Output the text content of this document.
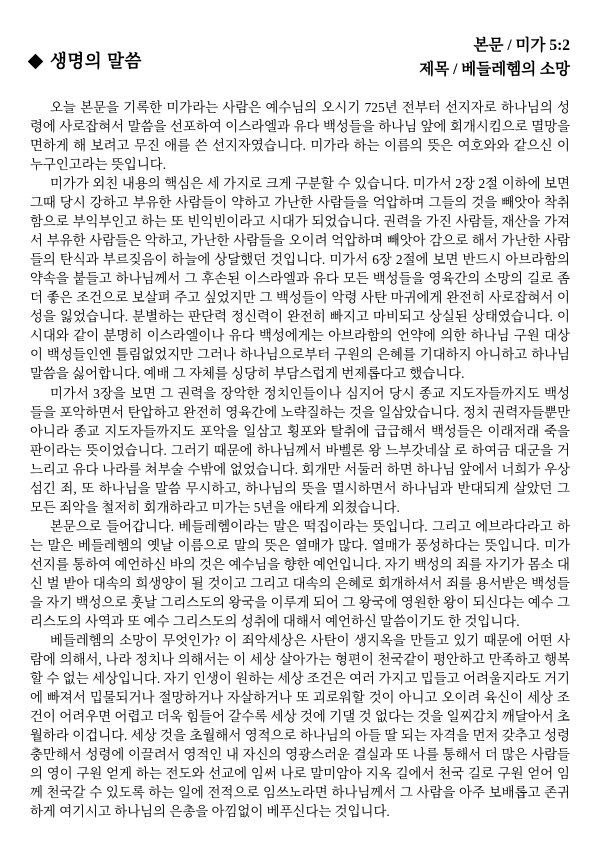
생명의 말씀
본문 / 미가 5:2
제목 / 베들레헴의 소망

오늘 본문을 기록한 미가라는 사람은 예수님의 오시기 725년 전부터 선지자로 하나님의 성령에 사로잡혀서 말씀을 선포하여 이스라엘과 유다 백성들을 하나님 앞에 회개시킴으로 멸망을 면하게 해 보려고 무진 애를 쓴 선지자였습니다. 미가라 하는 이름의 뜻은 여호와와 같으신 이 누구인고라는 뜻입니다.

미가가 외친 내용의 핵심은 세 가지로 크게 구분할 수 있습니다. 미가서 2장 2절 이하에 보면 그때 당시 강하고 부유한 사람들이 약하고 가난한 사람들을 억압하며 그들의 것을 빼앗아 착취함으로 부익부인고 하는 또 빈익빈이라고 시대가 되었습니다. 권력을 가진 사람들, 재산을 가져서 부유한 사람들은 악하고, 가난한 사람들을 오이려 억압하며 빼앗아 감으로 해서 가난한 사람들의 탄식과 부르짖음이 하늘에 상달했던 것입니다. 미가서 6장 2절에 보면 반드시 아브라함의 약속을 붙들고 하나님께서 그 후손된 이스라엘과 유다 모든 백성들을 영육간의 소망의 길로 좀 더 좋은 조건으로 보살펴 주고 싶었지만 그 백성들이 악령 사탄 마귀에게 완전히 사로잡혀서 이성을 잃었습니다. 분별하는 판단력 정신력이 완전히 빠지고 마비되고 상실된 상태였습니다. 이 시대와 같이 분명히 이스라엘이나 유다 백성에게는 아브라함의 언약에 의한 하나님 구원 대상이 백성들인엔 틀림없었지만 그러나 하나님으로부터 구원의 은혜를 기대하지 아니하고 하나님 말씀을 싫어합니다. 예배 그 자체를 싱당히 부담스럽게 번제롭다고 했습니다.

미가서 3장을 보면 그 권력을 장악한 정치인들이나 심지어 당시 종교 지도자들까지도 백성들을 포악하면서 탄압하고 완전히 영육간에 노략질하는 것을 일삼았습니다. 정치 권력자들뿐만 아니라 종교 지도자들까지도 포악을 일삼고 횡포와 탈취에 급급해서 백성들은 이래저래 죽을 판이라는 뜻이었습니다. 그러기 때문에 하나님께서 바벨론 왕 느부갓네살 로 하여금 대군을 거느리고 유다 나라를 쳐부술 수밖에 없었습니다. 회개만 서둘러 하면 하나님 앞에서 너희가 우상 섬긴 죄, 또 하나님을 말씀 무시하고, 하나님의 뜻을 멸시하면서 하나님과 반대되게 살았던 그 모든 죄악을 철저히 회개하라고 미가는 5년을 애타게 외쳤습니다.

본문으로 들어갑니다. 베들레헴이라는 말은 떡집이라는 뜻입니다. 그리고 에브라다라고 하는 말은 베들레헴의 옛날 이름으로 말의 뜻은 열매가 많다. 열매가 풍성하다는 뜻입니다. 미가 선지를 통하여 예언하신 바의 것은 예수님을 향한 예언입니다. 자기 백성의 죄를 자기가 몸소 대신 벌 받아 대속의 희생양이 될 것이고 그리고 대속의 은혜로 회개하셔서 죄를 용서받은 백성들을 자기 백성으로 훗날 그리스도의 왕국을 이루게 되어 그 왕국에 영원한 왕이 되신다는 예수 그리스도의 사역과 또 예수 그리스도의 성취에 대해서 예언하신 말씀이기도 한 것입니다.

베들레헴의 소망이 무엇인가? 이 죄악세상은 사탄이 생지옥을 만들고 있기 때문에 어떤 사람에 의해서, 나라 정치나 의해서는 이 세상 살아가는 형편이 천국같이 평안하고 만족하고 행복할 수 없는 세상입니다. 자기 인생이 원하는 세상 조건은 여러 가지고 밉들고 어려울지라도 거기에 빠져서 밉물되거나 절망하거나 자살하거나 또 괴로워할 것이 아니고 오이려 육신이 세상 조건이 어려우면 어렵고 더욱 힘들어 갈수록 세상 것에 기댈 것 없다는 것을 일찌감치 깨달아서 초월하라 이겁니다. 세상 것을 초월해서 영적으로 하나님의 아들 딸 되는 자격을 먼저 갖추고 성령 충만해서 성령에 이끌려서 영적인 내 자신의 영광스러운 결실과 또 나를 통해서 더 많은 사람들의 영이 구원 얻게 하는 전도와 선교에 임써 나로 말미암아 지옥 길에서 천국 길로 구원 얻어 임께 천국갈 수 있도록 하는 일에 전적으로 임쓰노라면 하나님께서 그 사람을 아주 보배롭고 존귀하게 여기시고 하나님의 은총을 아낌없이 베푸신다는 것입니다.
